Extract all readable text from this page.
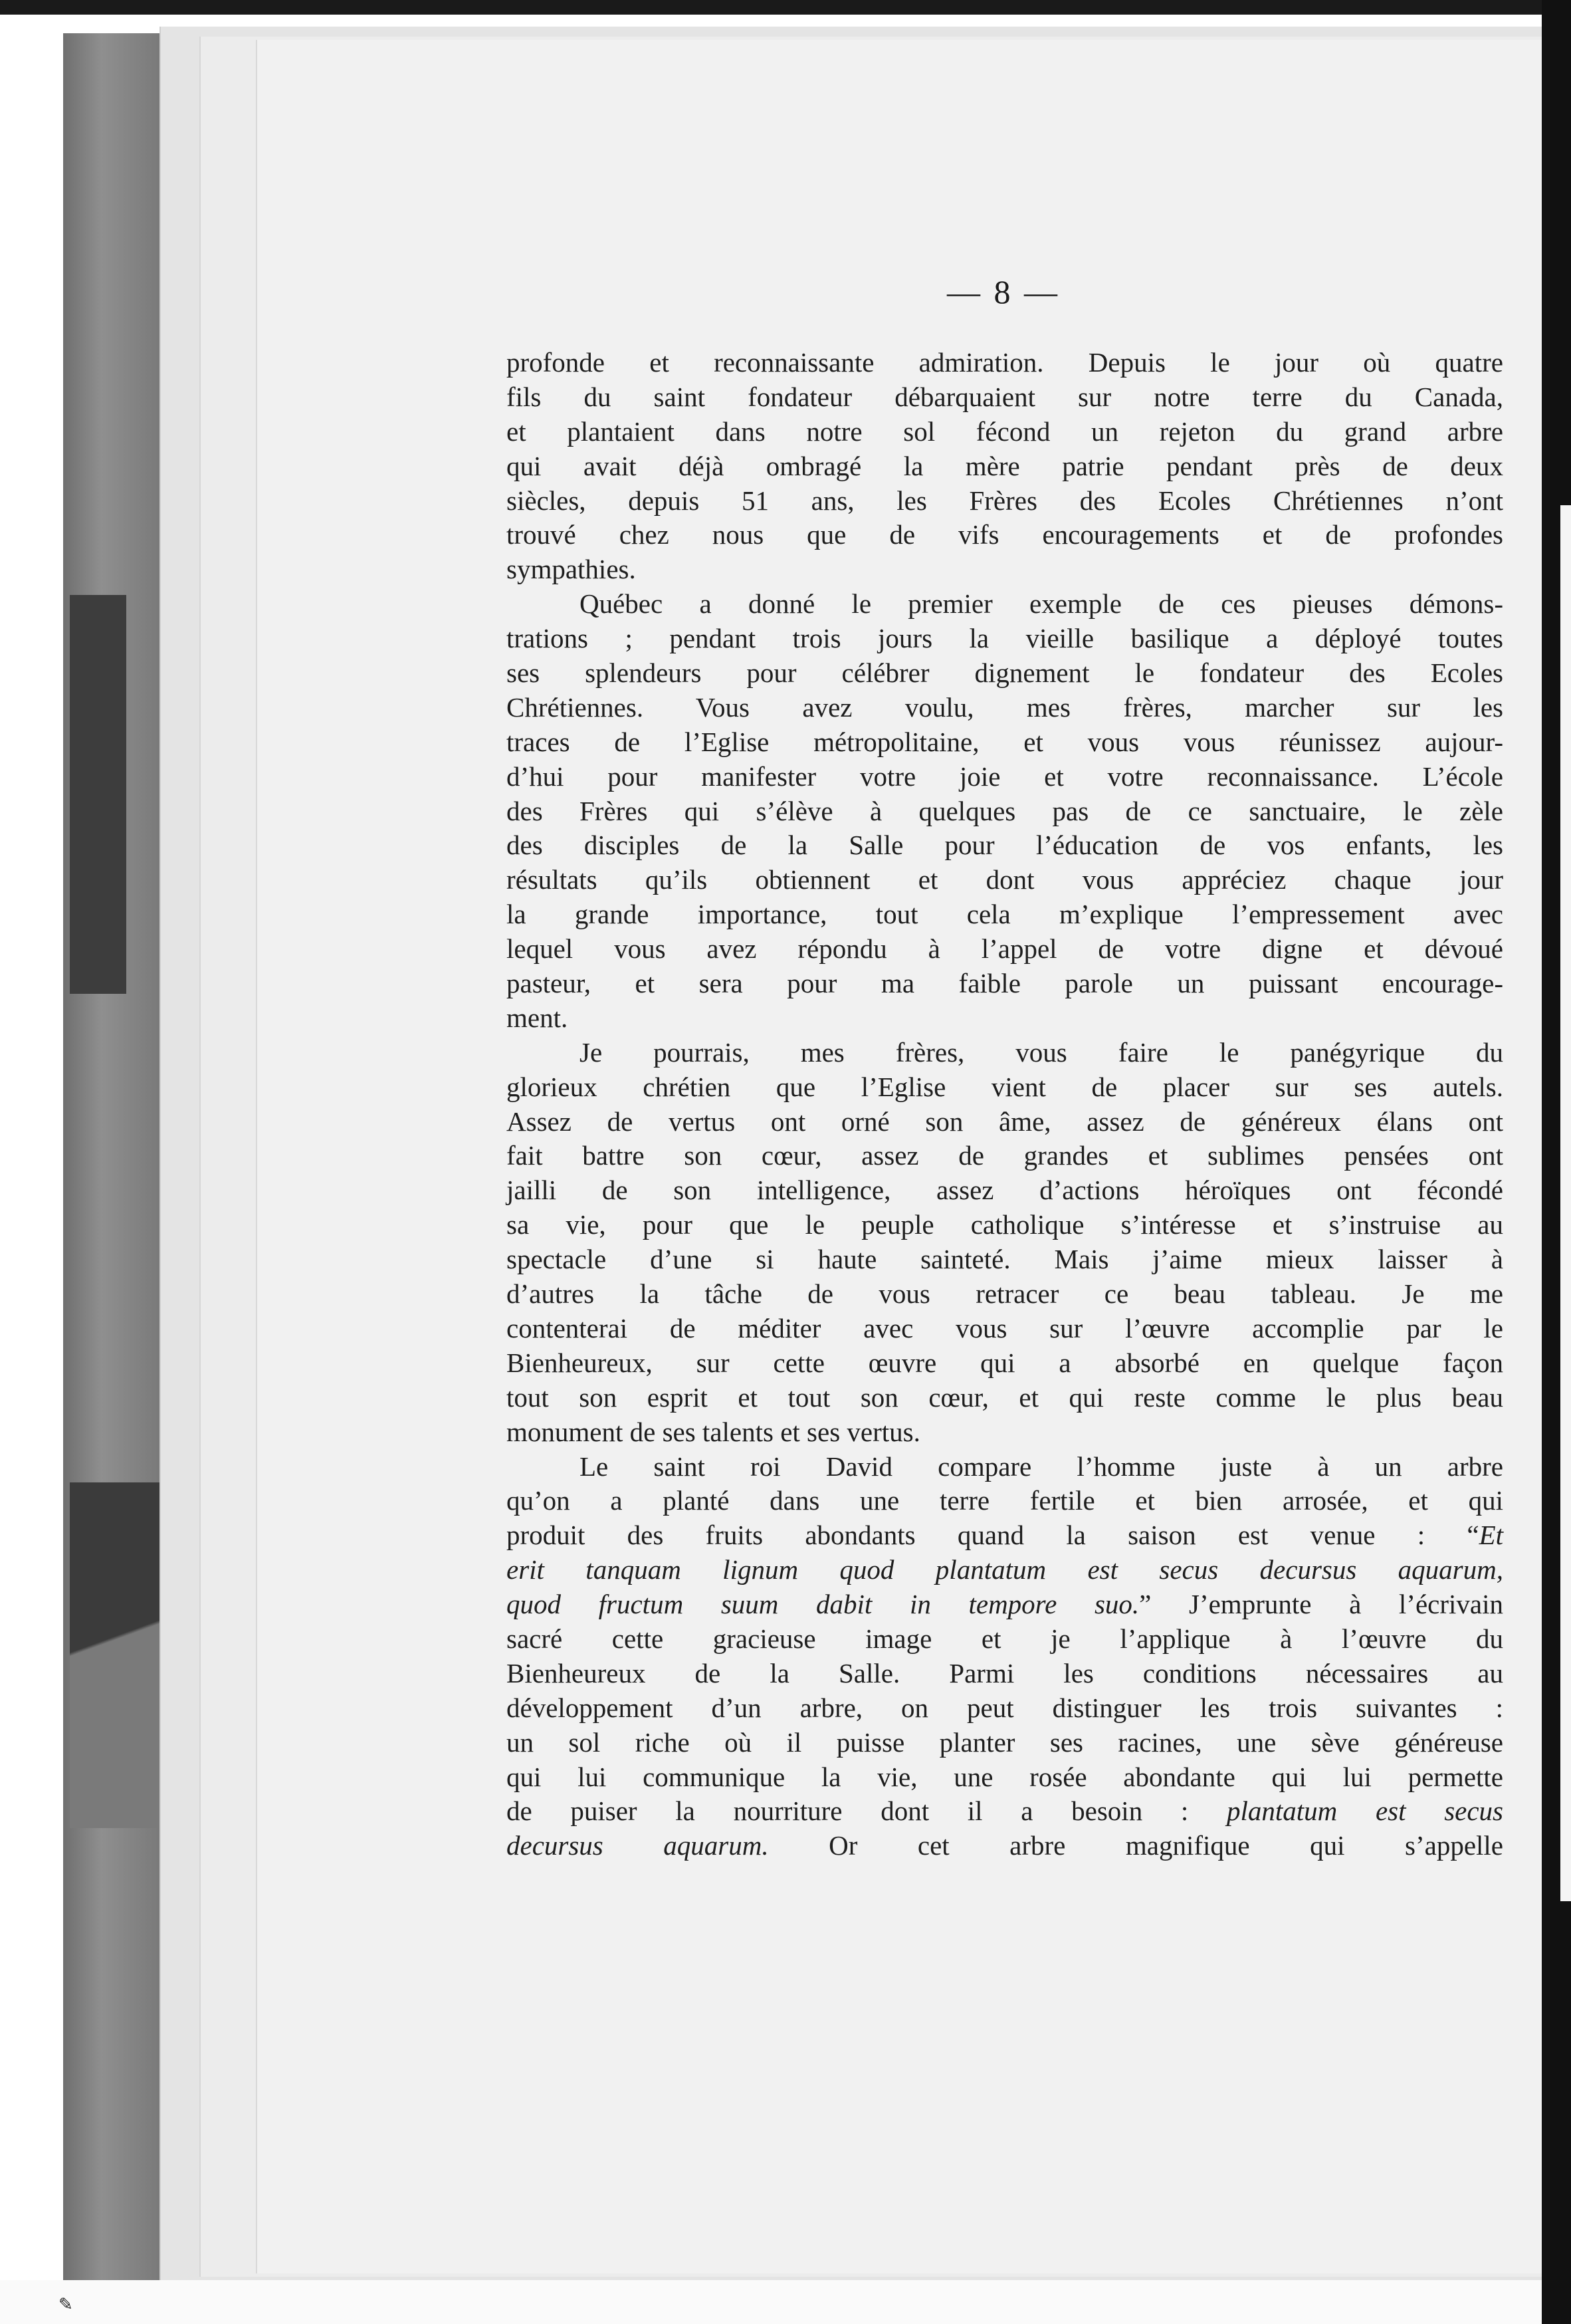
✎
— 8 —
profonde et reconnaissante admiration. Depuis le jour où quatre
fils du saint fondateur débarquaient sur notre terre du Canada,
et plantaient dans notre sol fécond un rejeton du grand arbre
qui avait déjà ombragé la mère patrie pendant près de deux
siècles, depuis 51 ans, les Frères des Ecoles Chrétiennes n’ont
trouvé chez nous que de vifs encouragements et de profondes
sympathies.
Québec a donné le premier exemple de ces pieuses démons-
trations ; pendant trois jours la vieille basilique a déployé toutes
ses splendeurs pour célébrer dignement le fondateur des Ecoles
Chrétiennes. Vous avez voulu, mes frères, marcher sur les
traces de l’Eglise métropolitaine, et vous vous réunissez aujour-
d’hui pour manifester votre joie et votre reconnaissance. L’école
des Frères qui s’élève à quelques pas de ce sanctuaire, le zèle
des disciples de la Salle pour l’éducation de vos enfants, les
résultats qu’ils obtiennent et dont vous appréciez chaque jour
la grande importance, tout cela m’explique l’empressement avec
lequel vous avez répondu à l’appel de votre digne et dévoué
pasteur, et sera pour ma faible parole un puissant encourage-
ment.
Je pourrais, mes frères, vous faire le panégyrique du
glorieux chrétien que l’Eglise vient de placer sur ses autels.
Assez de vertus ont orné son âme, assez de généreux élans ont
fait battre son cœur, assez de grandes et sublimes pensées ont
jailli de son intelligence, assez d’actions héroïques ont fécondé
sa vie, pour que le peuple catholique s’intéresse et s’instruise au
spectacle d’une si haute sainteté. Mais j’aime mieux laisser à
d’autres la tâche de vous retracer ce beau tableau. Je me
contenterai de méditer avec vous sur l’œuvre accomplie par le
Bienheureux, sur cette œuvre qui a absorbé en quelque façon
tout son esprit et tout son cœur, et qui reste comme le plus beau
monument de ses talents et ses vertus.
Le saint roi David compare l’homme juste à un arbre
qu’on a planté dans une terre fertile et bien arrosée, et qui
produit des fruits abondants quand la saison est venue : “Et
erit tanquam lignum quod plantatum est secus decursus aquarum,
quod fructum suum dabit in tempore suo.” J’emprunte à l’écrivain
sacré cette gracieuse image et je l’applique à l’œuvre du
Bienheureux de la Salle. Parmi les conditions nécessaires au
développement d’un arbre, on peut distinguer les trois suivantes :
un sol riche où il puisse planter ses racines, une sève généreuse
qui lui communique la vie, une rosée abondante qui lui permette
de puiser la nourriture dont il a besoin : plantatum est secus
decursus aquarum. Or cet arbre magnifique qui s’appelle
